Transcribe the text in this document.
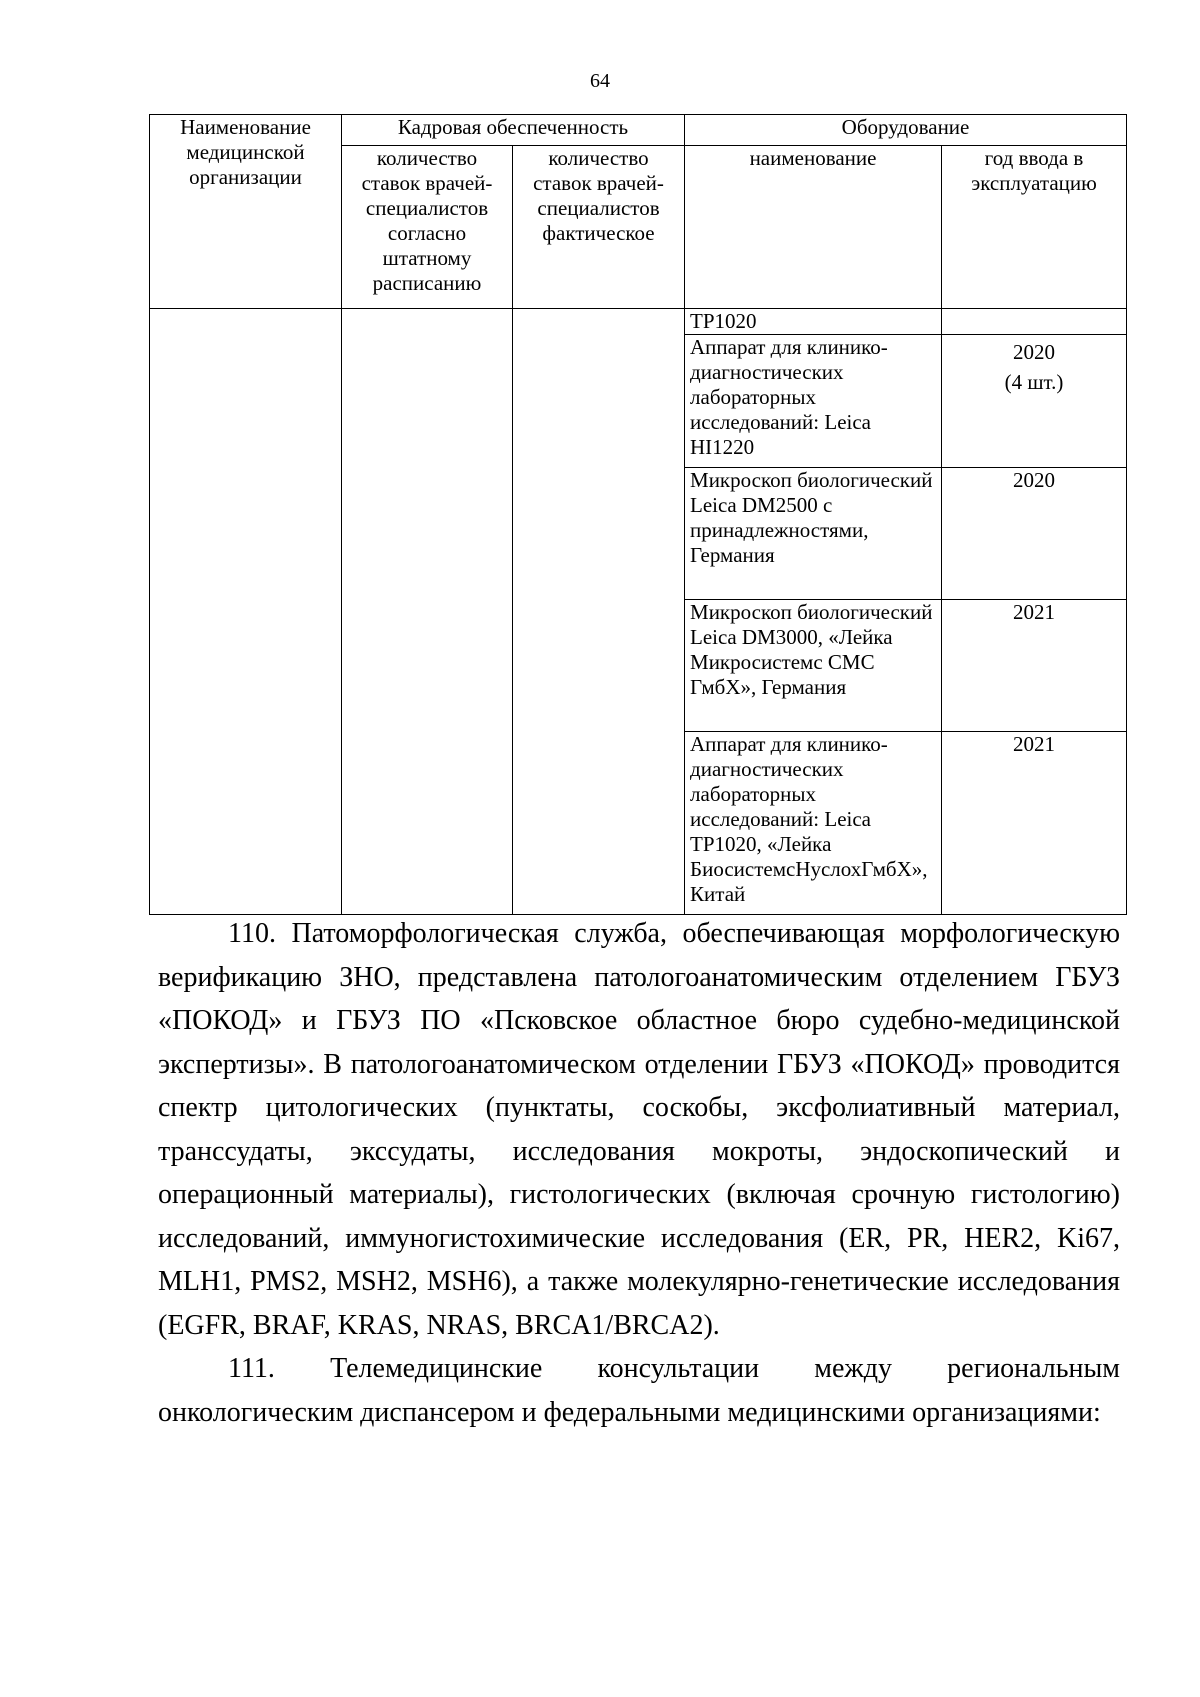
64
Наименование медицинской организации	Кадровая обеспеченность		Оборудование	
	количество ставок врачей-специалистов согласно штатному расписанию	количество ставок врачей-специалистов фактическое	наименование	год ввода в эксплуатацию
			TP1020	
			Аппарат для клинико-диагностических лабораторных исследований: Leica HI1220	2020
(4 шт.)

			Микроскоп биологический Leica DM2500 с принадлежностями, Германия	2020
			Микроскоп биологический Leica DM3000, «Лейка Микросистемс СМС ГмбХ», Германия	2021
			Аппарат для клинико-диагностических лабораторных исследований: Leica TP1020, «Лейка БиосистемсНуслохГмбХ», Китай	2021

110. Патоморфологическая служба, обеспечивающая морфологическую верификацию ЗНО, представлена патологоанатомическим отделением ГБУЗ «ПОКОД» и ГБУЗ ПО «Псковское областное бюро судебно-медицинской экспертизы». В патологоанатомическом отделении ГБУЗ «ПОКОД» проводится спектр цитологических (пунктаты, соскобы, эксфолиативный материал, транссудаты, экссудаты, исследования мокроты, эндоскопический и операционный материалы), гистологических (включая срочную гистологию) исследований, иммуногистохимические исследования (ER, PR, HER2, Ki67, MLH1, PMS2, MSH2, MSH6), а также молекулярно-генетические исследования (EGFR, BRAF, KRAS, NRAS, BRCA1/BRCA2).

111. Телемедицинские консультации между региональным онкологическим диспансером и федеральными медицинскими организациями:
